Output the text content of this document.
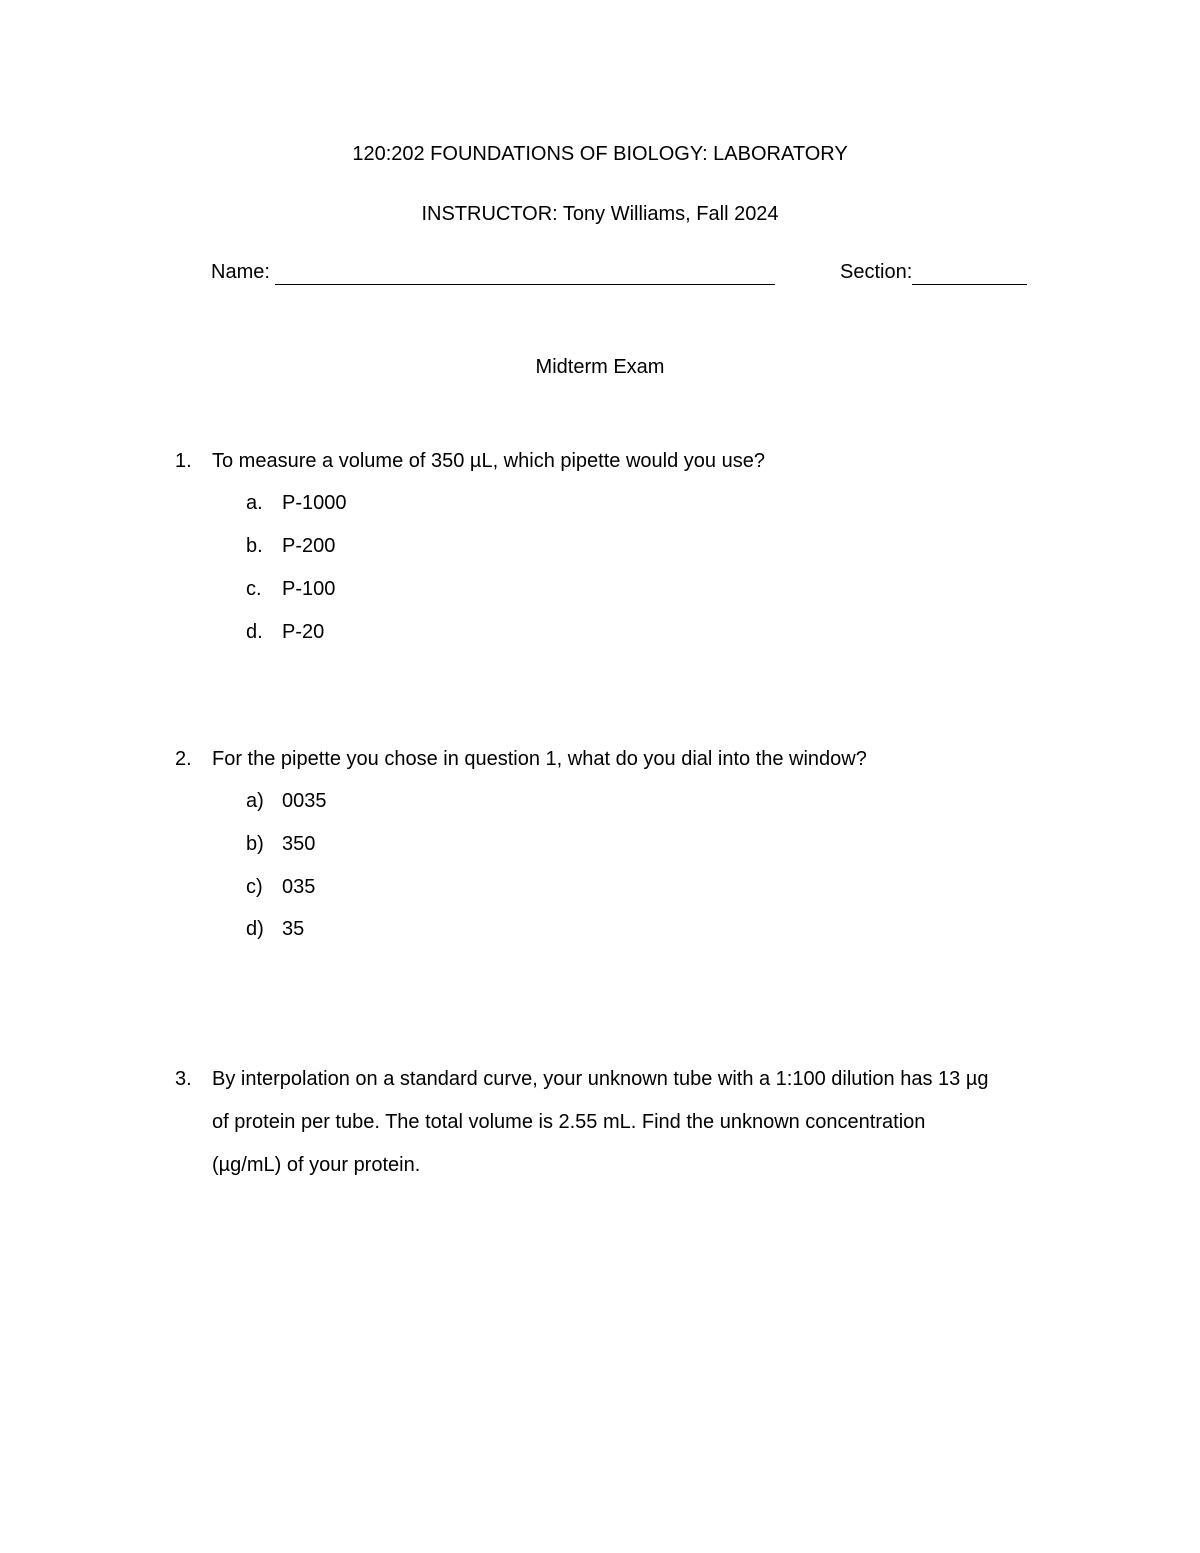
120:202 FOUNDATIONS OF BIOLOGY: LABORATORY
INSTRUCTOR: Tony Williams, Fall 2024
Name:	Section:
Midterm Exam
1. To measure a volume of 350 µL, which pipette would you use?
a. P-1000
b. P-200
c. P-100
d. P-20
2. For the pipette you chose in question 1, what do you dial into the window?
a) 0035
b) 350
c) 035
d) 35
3. By interpolation on a standard curve, your unknown tube with a 1:100 dilution has 13 µg
of protein per tube. The total volume is 2.55 mL. Find the unknown concentration
(µg/mL) of your protein.
